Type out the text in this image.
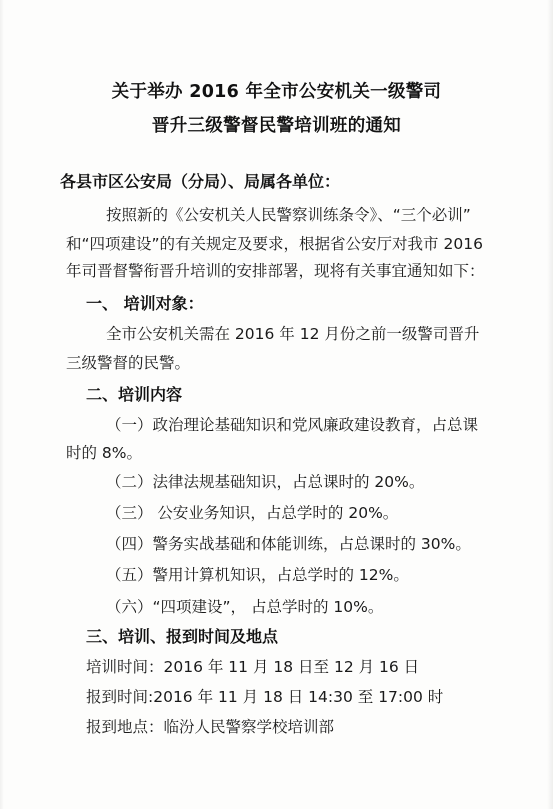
关于举办 2016 年全市公安机关一级警司
晋升三级警督民警培训班的通知
各县市区公安局（分局）、局属各单位：
按照新的《公安机关人民警察训练条令》、“三个必训”
和“四项建设”的有关规定及要求，根据省公安厅对我市 2016
年司晋督警衔晋升培训的安排部署，现将有关事宜通知如下：
一、 培训对象：
全市公安机关需在 2016 年 12 月份之前一级警司晋升
三级警督的民警。
二、培训内容
（一）政治理论基础知识和党风廉政建设教育，占总课
时的 8%。
（二）法律法规基础知识，占总课时的 20%。
（三） 公安业务知识，占总学时的 20%。
（四）警务实战基础和体能训练，占总课时的 30%。
（五）警用计算机知识，占总学时的 12%。
（六）“四项建设”， 占总学时的 10%。
三、培训、报到时间及地点
培训时间：2016 年 11 月 18 日至 12 月 16 日
报到时间:2016 年 11 月 18 日 14:30 至 17:00 时
报到地点：临汾人民警察学校培训部
